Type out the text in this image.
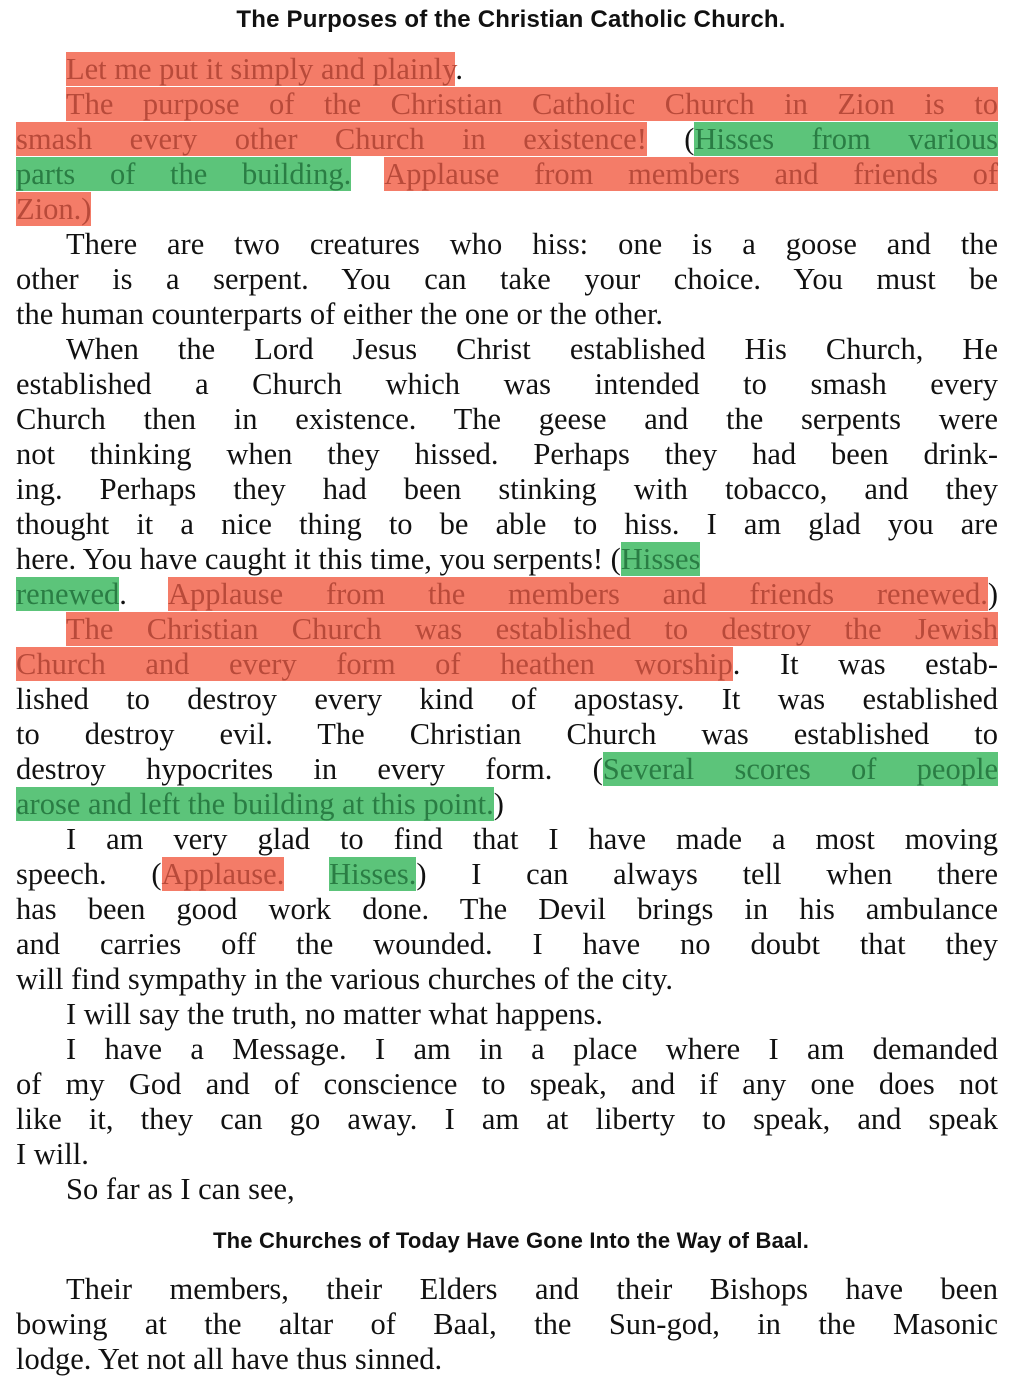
The Purposes of the Christian Catholic Church.
Let me put it simply and plainly.
The purpose of the Christian Catholic Church in Zion is to
smash every other Church in existence! (Hisses from various
parts of the building. Applause from members and friends of
Zion.)
There are two creatures who hiss: one is a goose and the
other is a serpent. You can take your choice. You must be
the human counterparts of either the one or the other.
When the Lord Jesus Christ established His Church, He
established a Church which was intended to smash every
Church then in existence. The geese and the serpents were
not thinking when they hissed. Perhaps they had been drink-
ing. Perhaps they had been stinking with tobacco, and they
thought it a nice thing to be able to hiss. I am glad you are
here. You have caught it this time, you serpents! (Hisses
renewed. Applause from the members and friends renewed.)
The Christian Church was established to destroy the Jewish
Church and every form of heathen worship. It was estab-
lished to destroy every kind of apostasy. It was established
to destroy evil. The Christian Church was established to
destroy hypocrites in every form. (Several scores of people
arose and left the building at this point.)
I am very glad to find that I have made a most moving
speech. (Applause. Hisses.) I can always tell when there
has been good work done. The Devil brings in his ambulance
and carries off the wounded. I have no doubt that they
will find sympathy in the various churches of the city.
I will say the truth, no matter what happens.
I have a Message. I am in a place where I am demanded
of my God and of conscience to speak, and if any one does not
like it, they can go away. I am at liberty to speak, and speak
I will.
So far as I can see,
Their members, their Elders and their Bishops have been
bowing at the altar of Baal, the Sun-god, in the Masonic
lodge. Yet not all have thus sinned.
The Churches of Today Have Gone Into the Way of Baal.
